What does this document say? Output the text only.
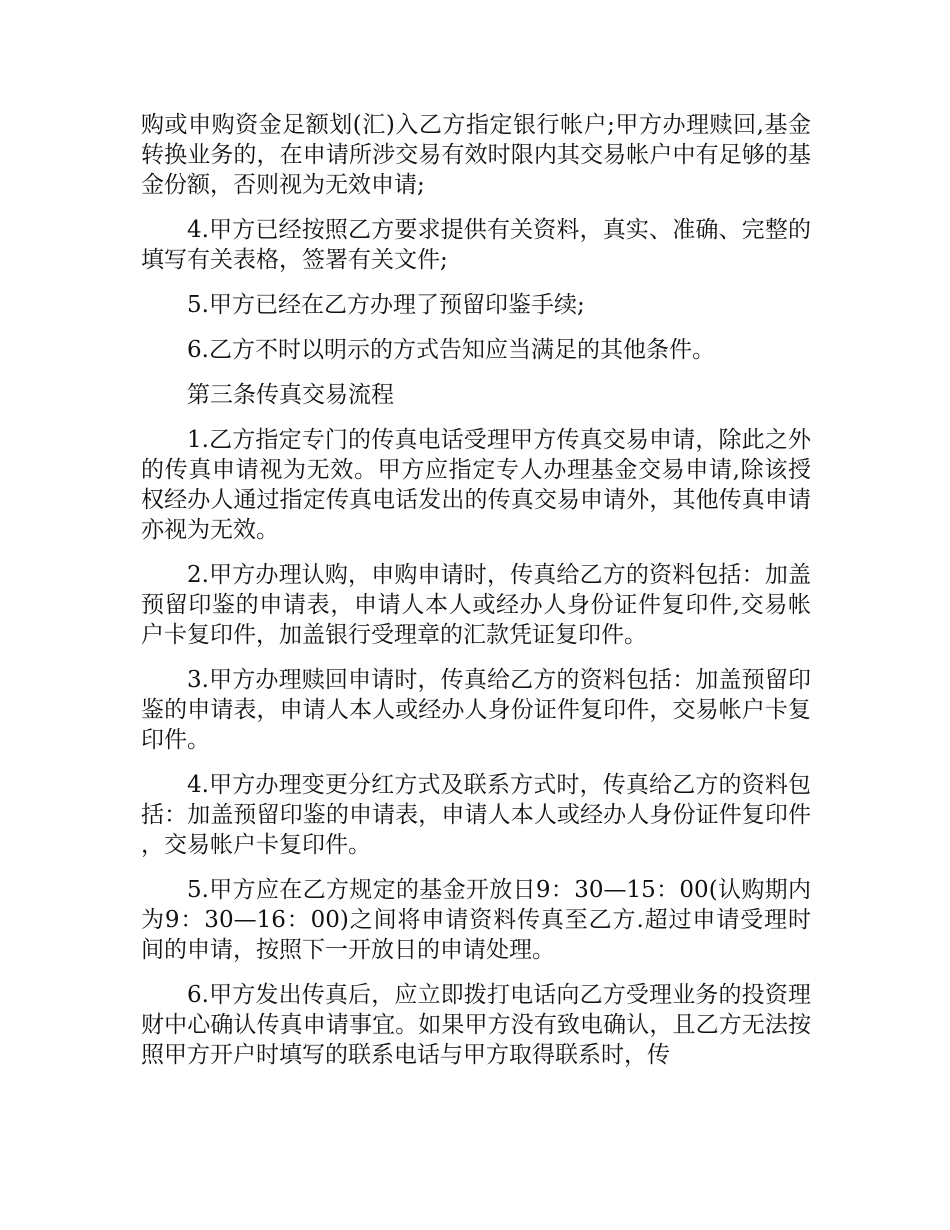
购或申购资金足额划(汇)入乙方指定银行帐户;甲方办理赎回,基金转换业务的，在申请所涉交易有效时限内其交易帐户中有足够的基金份额，否则视为无效申请;

4.甲方已经按照乙方要求提供有关资料，真实、准确、完整的填写有关表格，签署有关文件;

5.甲方已经在乙方办理了预留印鉴手续;

6.乙方不时以明示的方式告知应当满足的其他条件。

第三条传真交易流程

1.乙方指定专门的传真电话受理甲方传真交易申请，除此之外的传真申请视为无效。甲方应指定专人办理基金交易申请,除该授权经办人通过指定传真电话发出的传真交易申请外，其他传真申请亦视为无效。

2.甲方办理认购，申购申请时，传真给乙方的资料包括：加盖预留印鉴的申请表，申请人本人或经办人身份证件复印件,交易帐户卡复印件，加盖银行受理章的汇款凭证复印件。

3.甲方办理赎回申请时，传真给乙方的资料包括：加盖预留印鉴的申请表，申请人本人或经办人身份证件复印件，交易帐户卡复印件。

4.甲方办理变更分红方式及联系方式时，传真给乙方的资料包括：加盖预留印鉴的申请表，申请人本人或经办人身份证件复印件，交易帐户卡复印件。

5.甲方应在乙方规定的基金开放日9：30—15：00(认购期内为9：30—16：00)之间将申请资料传真至乙方.超过申请受理时间的申请，按照下一开放日的申请处理。

6.甲方发出传真后，应立即拨打电话向乙方受理业务的投资理财中心确认传真申请事宜。如果甲方没有致电确认，且乙方无法按照甲方开户时填写的联系电话与甲方取得联系时，传
